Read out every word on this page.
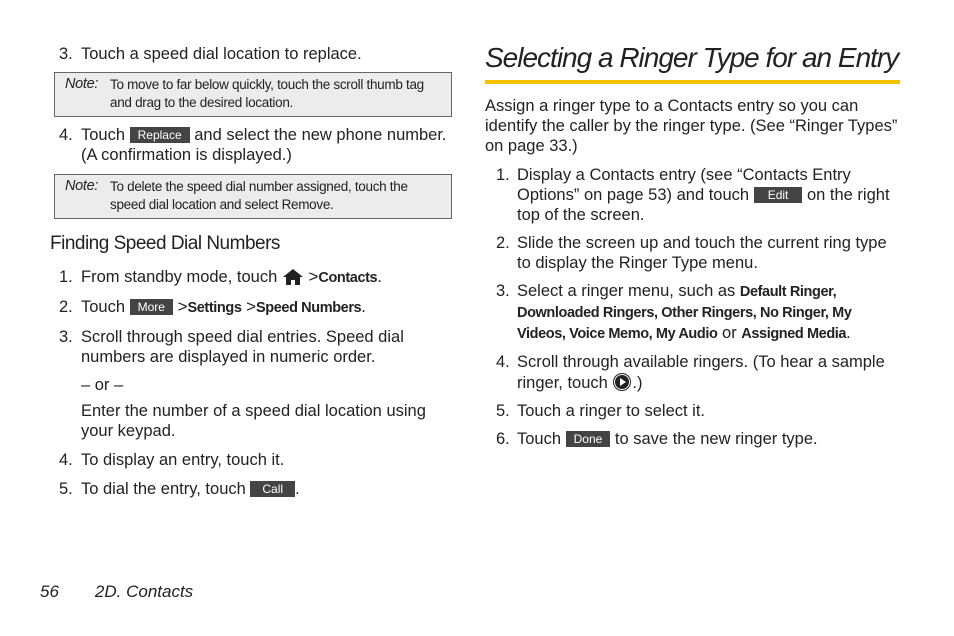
3. Touch a speed dial location to replace.
Note: To move to far below quickly, touch the scroll thumb tag and drag to the desired location.
4. Touch Replace and select the new phone number. (A confirmation is displayed.)
Note: To delete the speed dial number assigned, touch the speed dial location and select Remove.
Finding Speed Dial Numbers
1. From standby mode, touch >Contacts.
2. Touch More >Settings >Speed Numbers.
3. Scroll through speed dial entries. Speed dial numbers are displayed in numeric order.
– or –
Enter the number of a speed dial location using your keypad.
4. To display an entry, touch it.
5. To dial the entry, touch Call .
Selecting a Ringer Type for an Entry
Assign a ringer type to a Contacts entry so you can identify the caller by the ringer type. (See “Ringer Types” on page 33.)
1. Display a Contacts entry (see “Contacts Entry Options” on page 53) and touch Edit on the right top of the screen.
2. Slide the screen up and touch the current ring type to display the Ringer Type menu.
3. Select a ringer menu, such as Default Ringer, Downloaded Ringers, Other Ringers, No Ringer, My Videos, Voice Memo, My Audio or Assigned Media.
4. Scroll through available ringers. (To hear a sample ringer, touch .)
5. Touch a ringer to select it.
6. Touch Done to save the new ringer type.
56 2D. Contacts
